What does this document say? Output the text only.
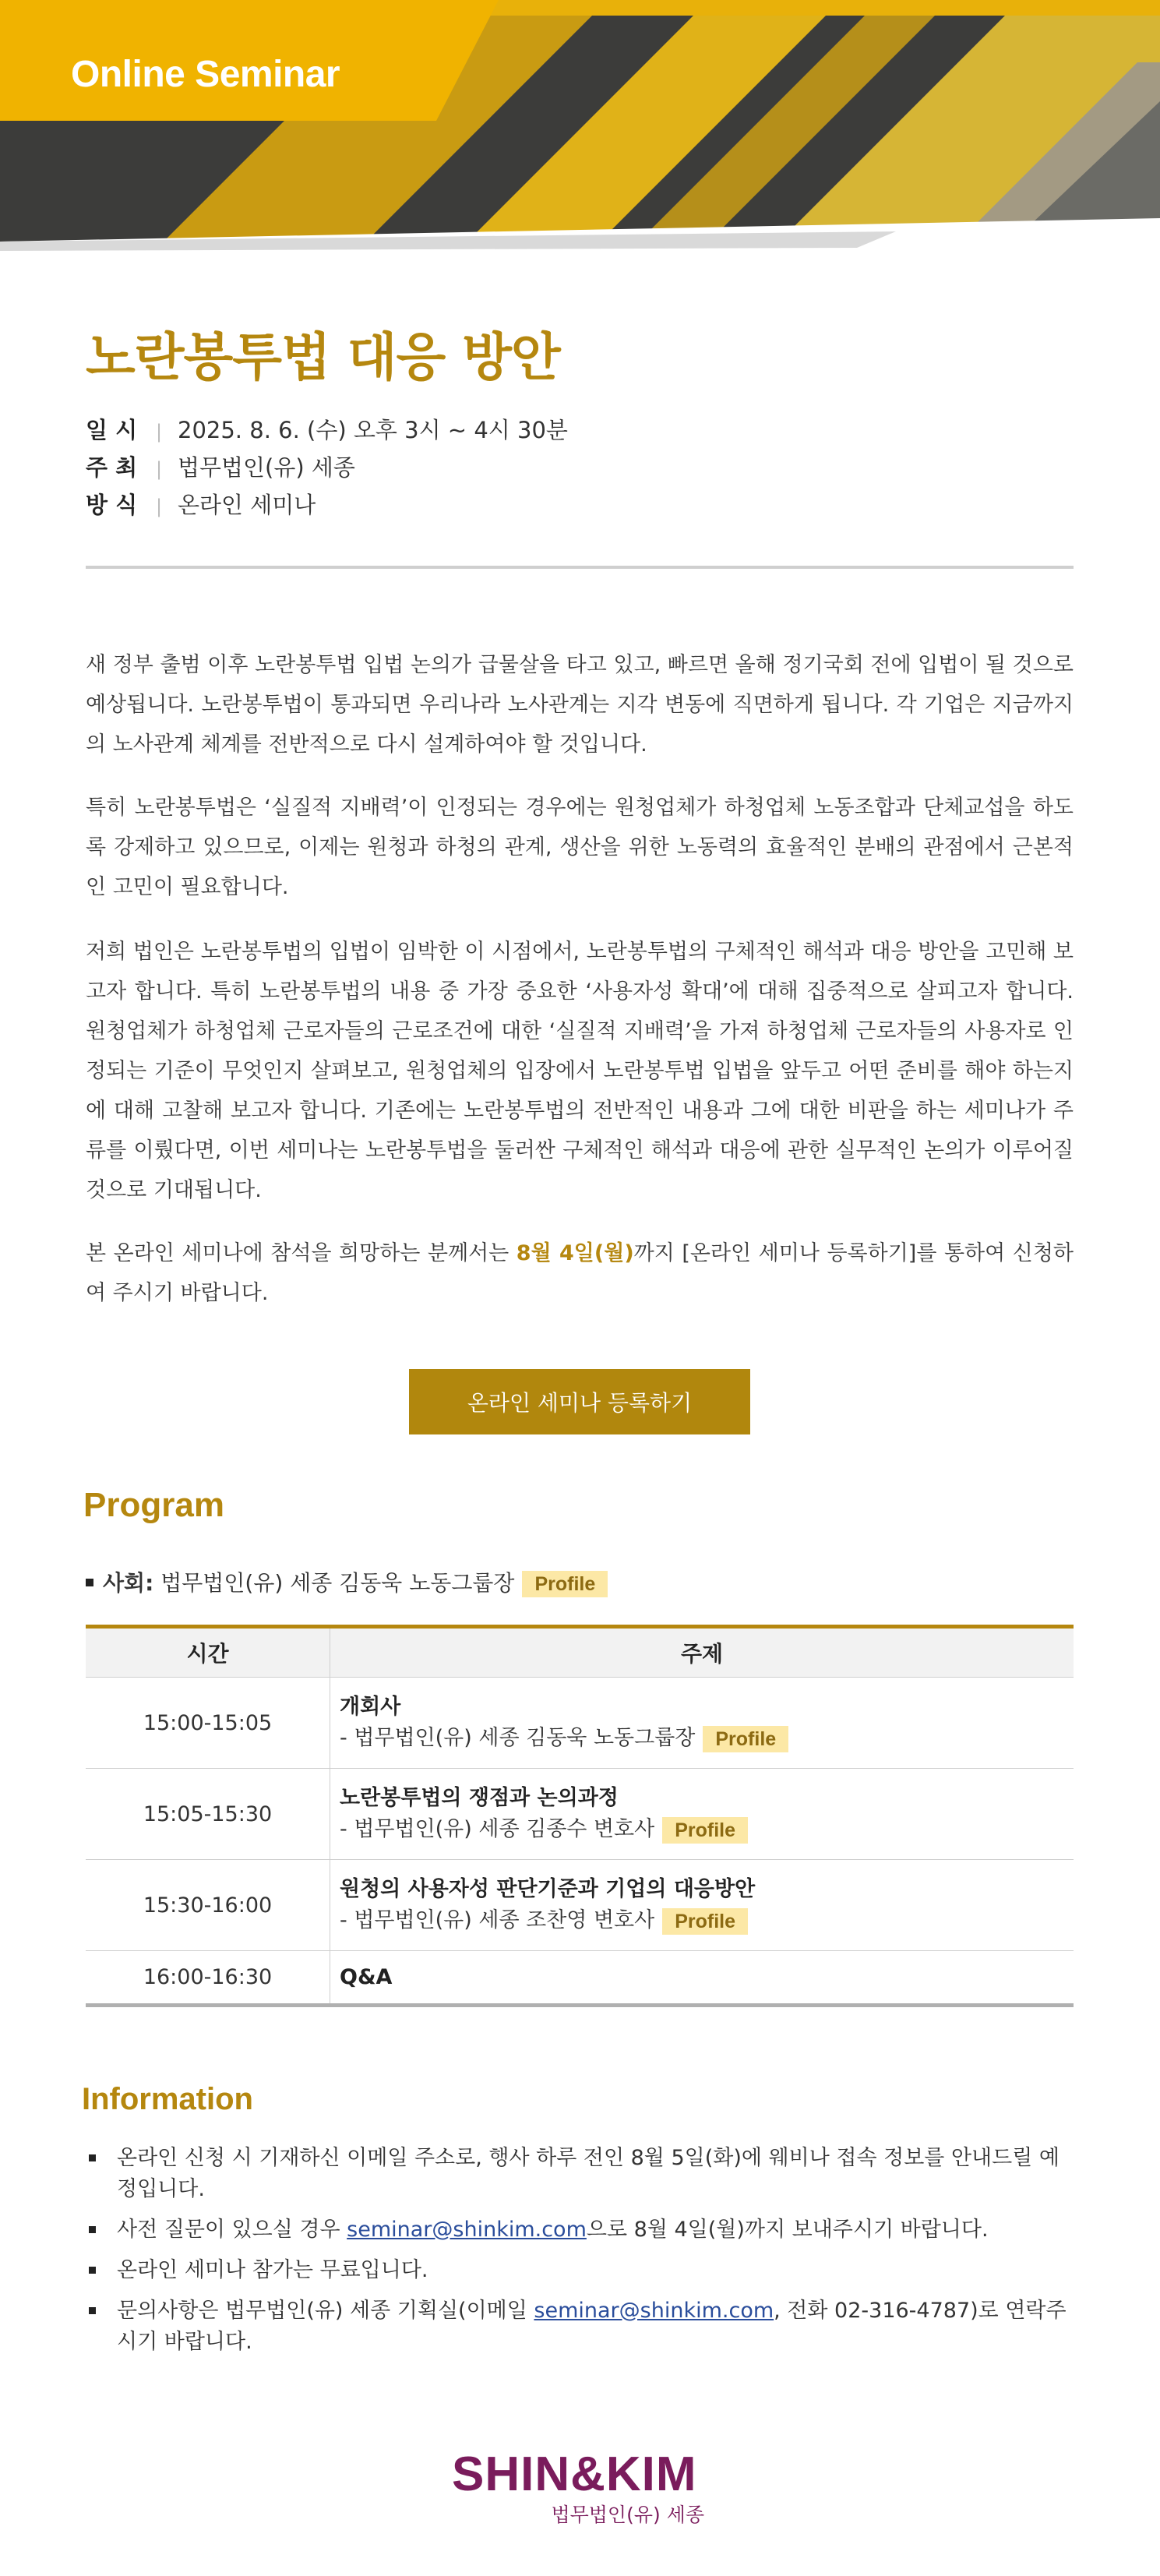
Online Seminar
노란봉투법 대응 방안
일 시 | 2025. 8. 6. (수) 오후 3시 ~ 4시 30분
주 최 | 법무법인(유) 세종
방 식 | 온라인 세미나
새 정부 출범 이후 노란봉투법 입법 논의가 급물살을 타고 있고, 빠르면 올해 정기국회 전에 입법이 될 것으로 예상됩니다. 노란봉투법이 통과되면 우리나라 노사관계는 지각 변동에 직면하게 됩니다. 각 기업은 지금까지의 노사관계 체계를 전반적으로 다시 설계하여야 할 것입니다.
특히 노란봉투법은 ‘실질적 지배력’이 인정되는 경우에는 원청업체가 하청업체 노동조합과 단체교섭을 하도록 강제하고 있으므로, 이제는 원청과 하청의 관계, 생산을 위한 노동력의 효율적인 분배의 관점에서 근본적인 고민이 필요합니다.
저희 법인은 노란봉투법의 입법이 임박한 이 시점에서, 노란봉투법의 구체적인 해석과 대응 방안을 고민해 보고자 합니다. 특히 노란봉투법의 내용 중 가장 중요한 ‘사용자성 확대’에 대해 집중적으로 살피고자 합니다. 원청업체가 하청업체 근로자들의 근로조건에 대한 ‘실질적 지배력’을 가져 하청업체 근로자들의 사용자로 인정되는 기준이 무엇인지 살펴보고, 원청업체의 입장에서 노란봉투법 입법을 앞두고 어떤 준비를 해야 하는지에 대해 고찰해 보고자 합니다. 기존에는 노란봉투법의 전반적인 내용과 그에 대한 비판을 하는 세미나가 주류를 이뤘다면, 이번 세미나는 노란봉투법을 둘러싼 구체적인 해석과 대응에 관한 실무적인 논의가 이루어질 것으로 기대됩니다.
본 온라인 세미나에 참석을 희망하는 분께서는 8월 4일(월)까지 [온라인 세미나 등록하기]를 통하여 신청하여 주시기 바랍니다.
온라인 세미나 등록하기
Program
사회: 법무법인(유) 세종 김동욱 노동그룹장 Profile
시간	주제
15:00-15:05	개회사
- 법무법인(유) 세종 김동욱 노동그룹장 Profile

15:05-15:30	노란봉투법의 쟁점과 논의과정
- 법무법인(유) 세종 김종수 변호사 Profile

15:30-16:00	원청의 사용자성 판단기준과 기업의 대응방안
- 법무법인(유) 세종 조찬영 변호사 Profile

16:00-16:30	Q&A
Information
온라인 신청 시 기재하신 이메일 주소로, 행사 하루 전인 8월 5일(화)에 웨비나 접속 정보를 안내드릴 예정입니다.
사전 질문이 있으실 경우 seminar@shinkim.com으로 8월 4일(월)까지 보내주시기 바랍니다.
온라인 세미나 참가는 무료입니다.
문의사항은 법무법인(유) 세종 기획실(이메일 seminar@shinkim.com, 전화 02-316-4787)로 연락주시기 바랍니다.
SHIN&KIM
법무법인(유) 세종
